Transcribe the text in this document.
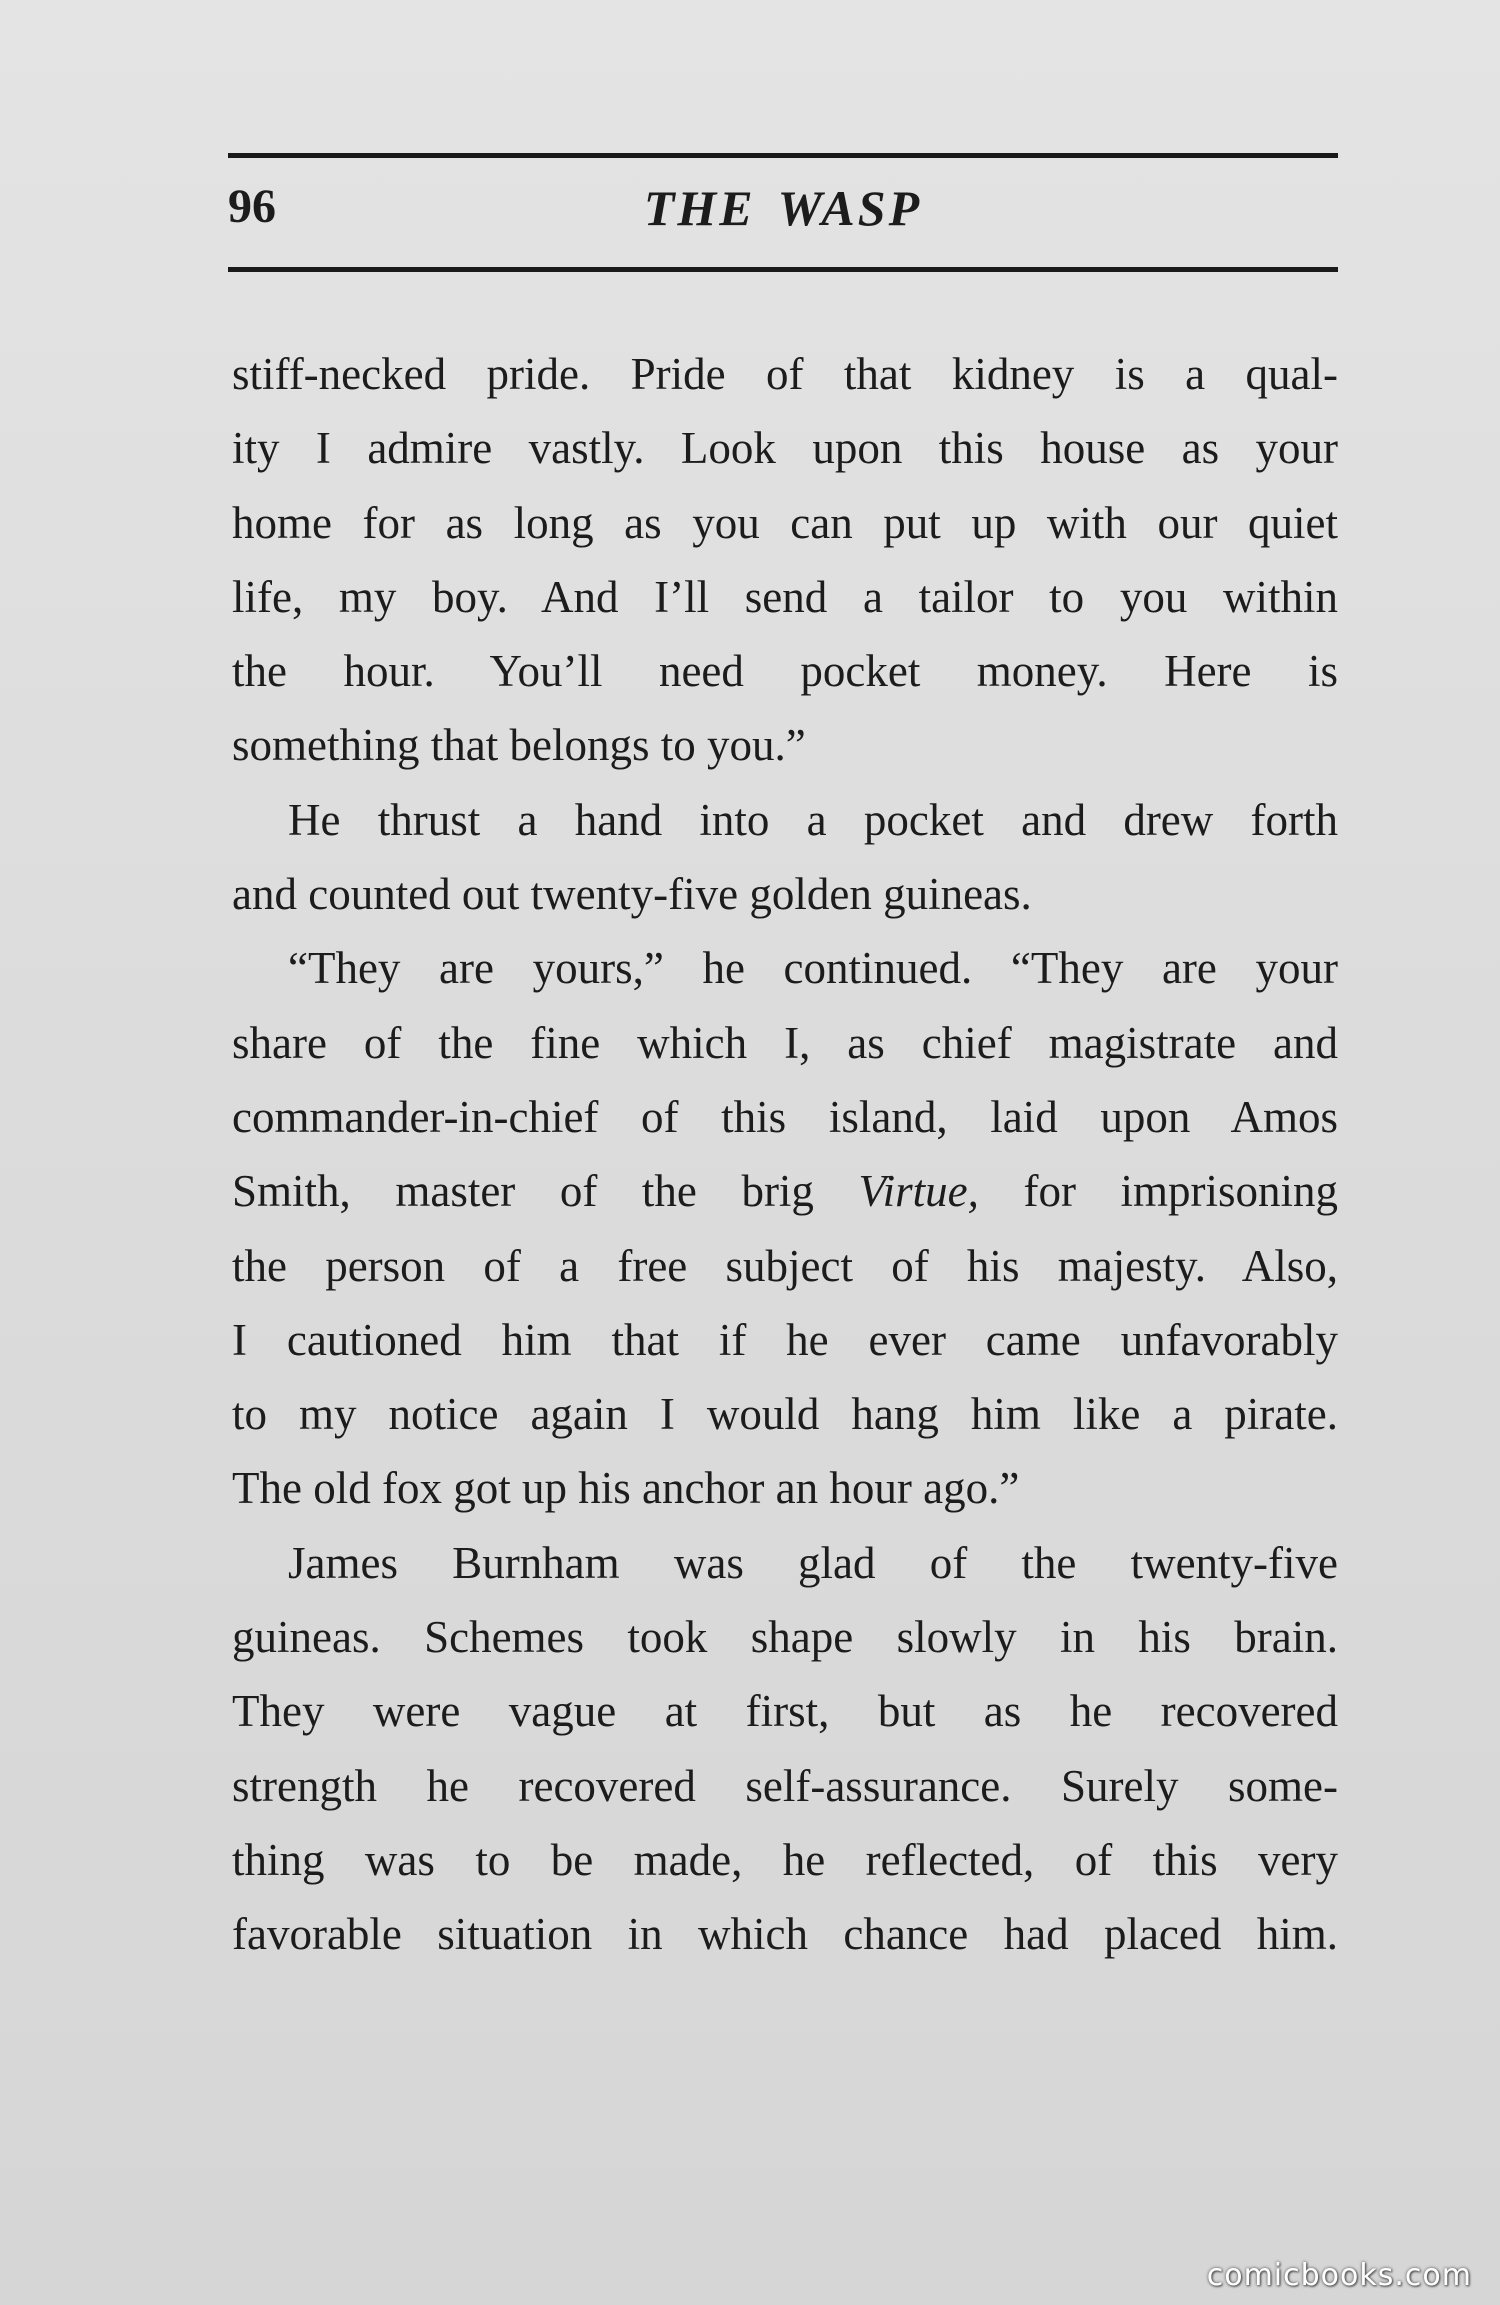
96	THE WASP
stiff-necked pride. Pride of that kidney is a qual-
ity I admire vastly. Look upon this house as your
home for as long as you can put up with our quiet
life, my boy. And I’ll send a tailor to you within
the hour. You’ll need pocket money. Here is
something that belongs to you.”
He thrust a hand into a pocket and drew forth
and counted out twenty-five golden guineas.
“They are yours,” he continued. “They are your
share of the fine which I, as chief magistrate and
commander-in-chief of this island, laid upon Amos
Smith, master of the brig Virtue, for imprisoning
the person of a free subject of his majesty. Also,
I cautioned him that if he ever came unfavorably
to my notice again I would hang him like a pirate.
The old fox got up his anchor an hour ago.”
James Burnham was glad of the twenty-five
guineas. Schemes took shape slowly in his brain.
They were vague at first, but as he recovered
strength he recovered self-assurance. Surely some-
thing was to be made, he reflected, of this very
favorable situation in which chance had placed him.
comicbooks.com
